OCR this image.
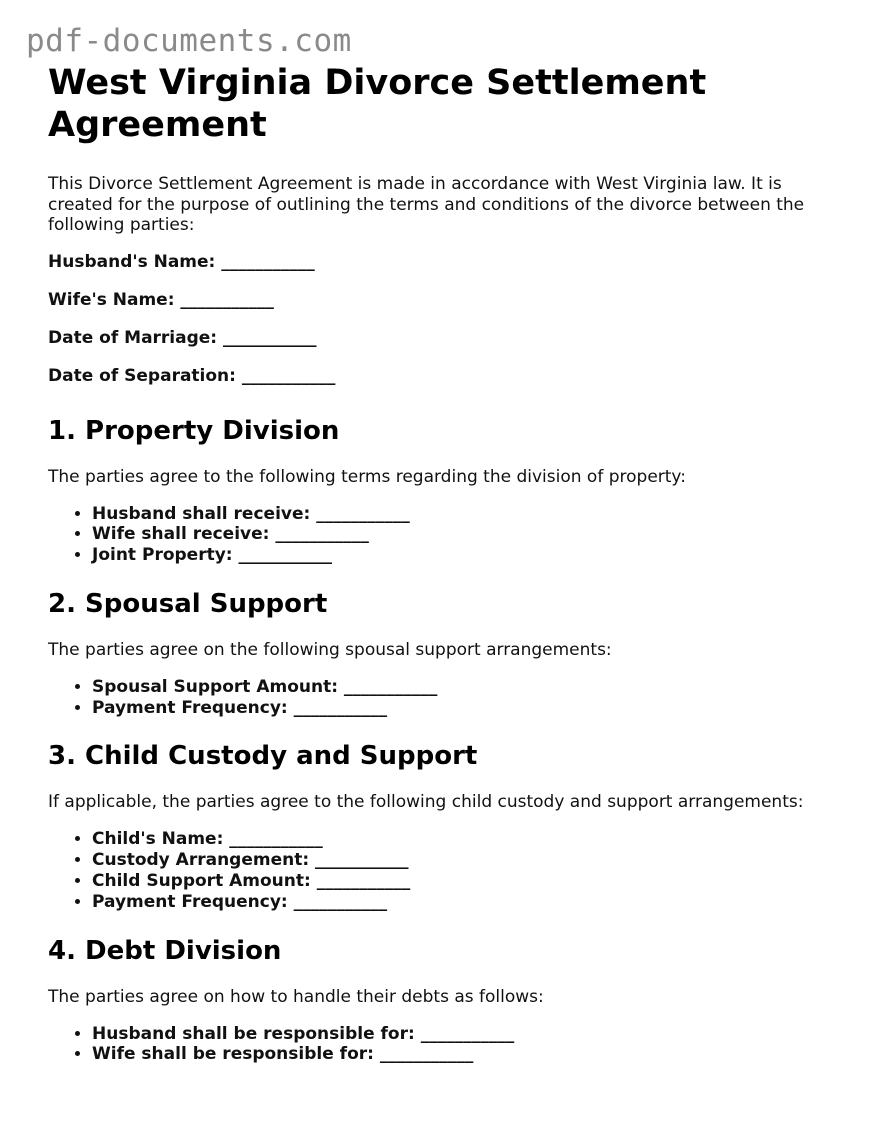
pdf-documents.com
West Virginia Divorce Settlement Agreement

This Divorce Settlement Agreement is made in accordance with West Virginia law. It is created for the purpose of outlining the terms and conditions of the divorce between the following parties:

Husband's Name: ___________
Wife's Name: ___________
Date of Marriage: ___________
Date of Separation: ___________
1. Property Division

The parties agree to the following terms regarding the division of property:

• Husband shall receive: ___________
• Wife shall receive: ___________
• Joint Property: ___________
2. Spousal Support

The parties agree on the following spousal support arrangements:

• Spousal Support Amount: ___________
• Payment Frequency: ___________
3. Child Custody and Support

If applicable, the parties agree to the following child custody and support arrangements:

• Child's Name: ___________
• Custody Arrangement: ___________
• Child Support Amount: ___________
• Payment Frequency: ___________
4. Debt Division

The parties agree on how to handle their debts as follows:

• Husband shall be responsible for: ___________
• Wife shall be responsible for: ___________
